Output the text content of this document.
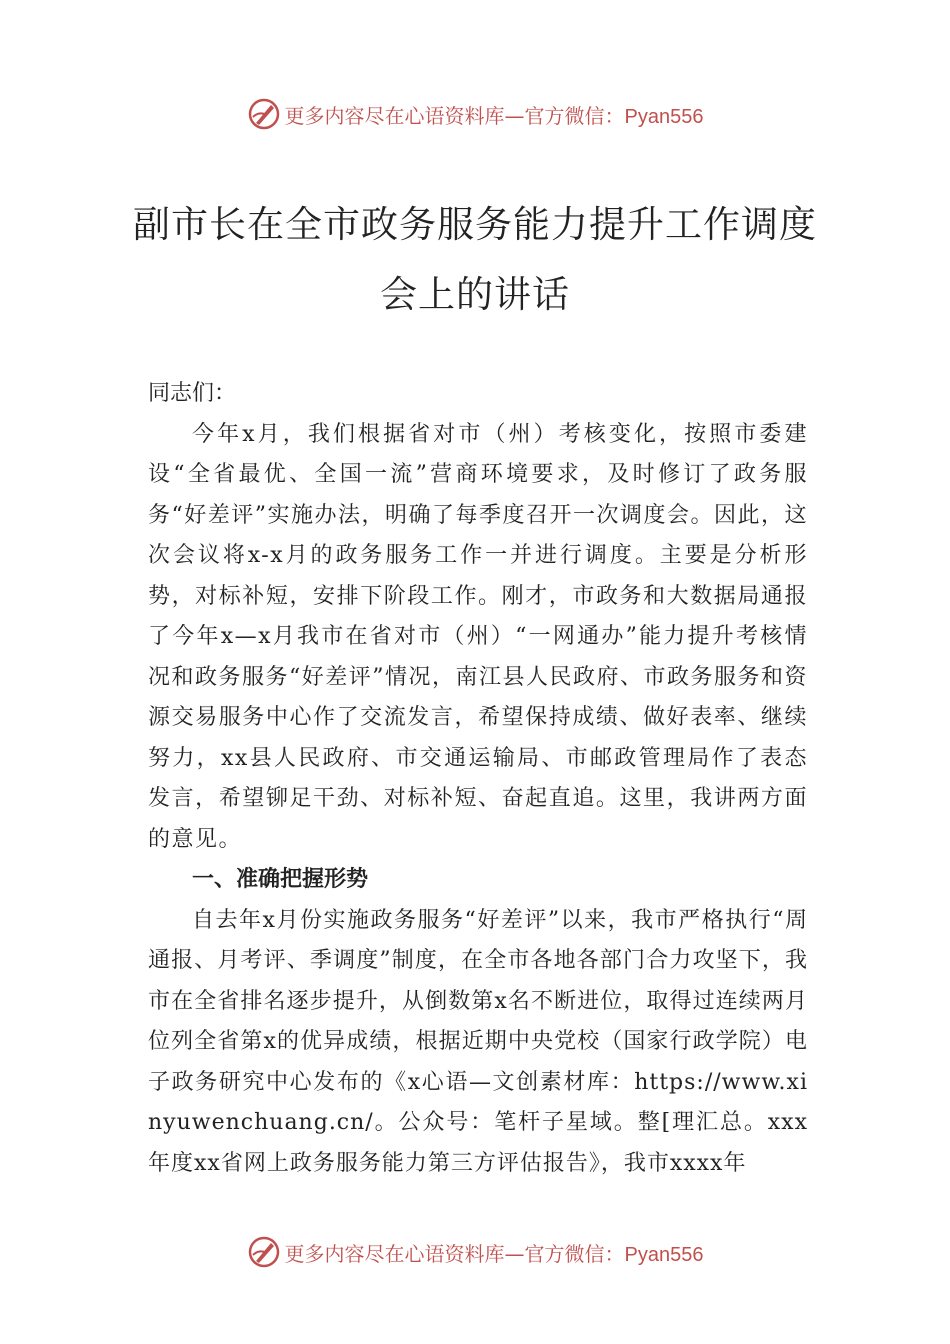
更多内容尽在心语资料库—官方微信：Pyan556
副市长在全市政务服务能力提升工作调度
会上的讲话

同志们：

今年x月，我们根据省对市（州）考核变化，按照市委建设“全省最优、全国一流”营商环境要求，及时修订了政务服务“好差评”实施办法，明确了每季度召开一次调度会。因此，这次会议将x-x月的政务服务工作一并进行调度。主要是分析形势，对标补短，安排下阶段工作。刚才，市政务和大数据局通报了今年x—x月我市在省对市（州）“一网通办”能力提升考核情况和政务服务“好差评”情况，南江县人民政府、市政务服务和资源交易服务中心作了交流发言，希望保持成绩、做好表率、继续努力，xx县人民政府、市交通运输局、市邮政管理局作了表态发言，希望铆足干劲、对标补短、奋起直追。这里，我讲两方面的意见。

一、准确把握形势

自去年x月份实施政务服务“好差评”以来，我市严格执行“周通报、月考评、季调度”制度，在全市各地各部门合力攻坚下，我市在全省排名逐步提升，从倒数第x名不断进位，取得过连续两月位列全省第x的优异成绩，根据近期中央党校（国家行政学院）电子政务研究中心发布的《x心语—文创素材库：https://www.xinyuwenchuang.cn/。公众号：笔杆子星域。整[理汇总。xxx年度xx省网上政务服务能力第三方评估报告》，我市xxxx年

更多内容尽在心语资料库—官方微信：Pyan556
